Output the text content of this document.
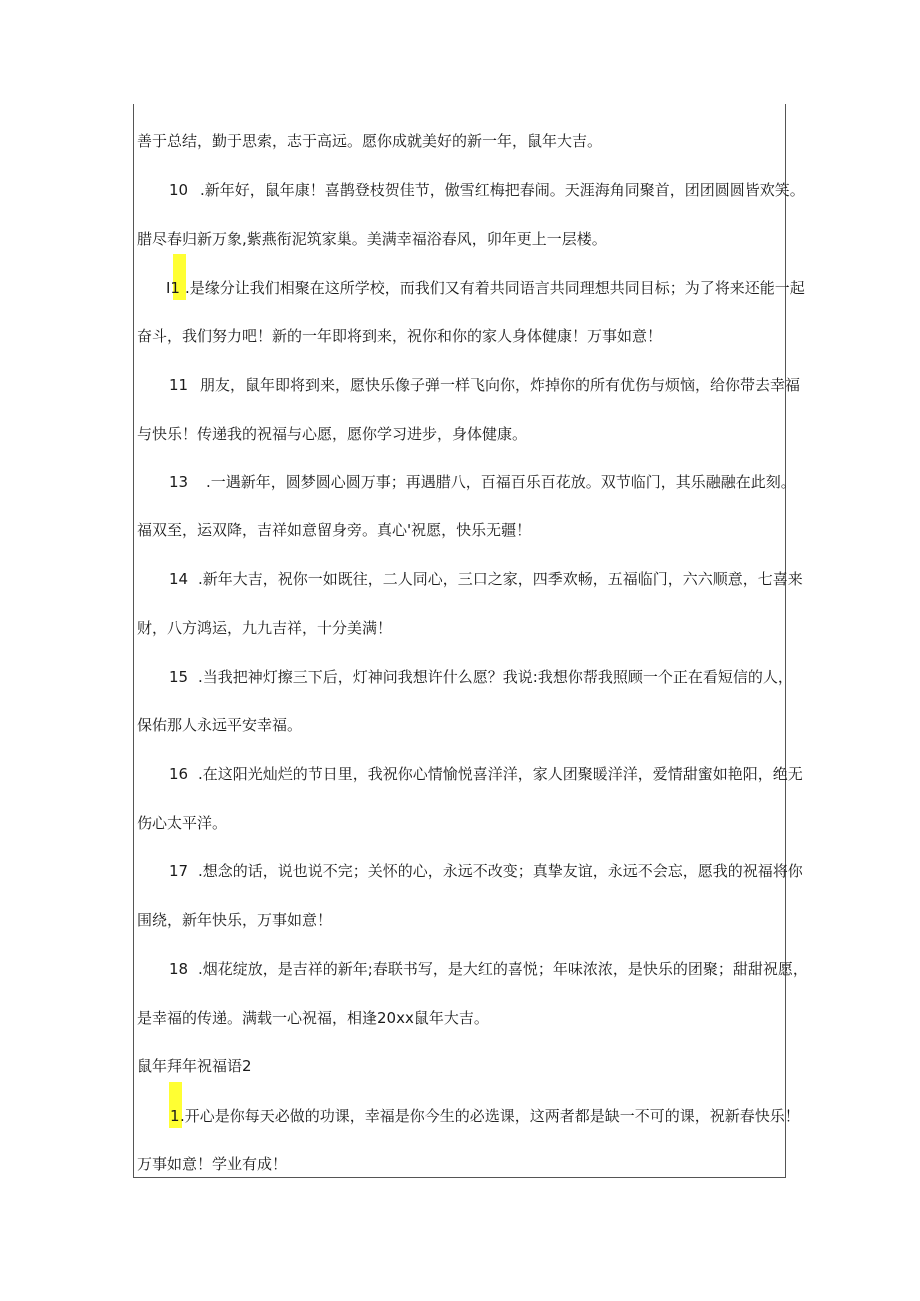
善于总结，勤于思索，志于高远。愿你成就美好的新一年，鼠年大吉。
10 .新年好，鼠年康！喜鹊登枝贺佳节，傲雪红梅把春闹。天涯海角同聚首，团团圆圆皆欢笑。
腊尽春归新万象,紫燕衔泥筑家巢。美满幸福浴春风，卯年更上一层楼。
I1 .是缘分让我们相聚在这所学校，而我们又有着共同语言共同理想共同目标；为了将来还能一起
奋斗，我们努力吧！新的一年即将到来，祝你和你的家人身体健康！万事如意！
11 朋友，鼠年即将到来，愿快乐像子弹一样飞向你，炸掉你的所有优伤与烦恼，给你带去幸福
与快乐！传递我的祝福与心愿，愿你学习进步，身体健康。
13 .一遇新年，圆梦圆心圆万事；再遇腊八，百福百乐百花放。双节临门，其乐融融在此刻。
福双至，运双降，吉祥如意留身旁。真心'祝愿，快乐无疆！
14 .新年大吉，祝你一如既往，二人同心，三口之家，四季欢畅，五福临门，六六顺意，七喜来
财，八方鸿运，九九吉祥，十分美满！
15 .当我把神灯擦三下后，灯神问我想许什么愿？我说:我想你帮我照顾一个正在看短信的人，
保佑那人永远平安幸福。
16 .在这阳光灿烂的节日里，我祝你心情愉悦喜洋洋，家人团聚暖洋洋，爱情甜蜜如艳阳，绝无
伤心太平洋。
17 .想念的话，说也说不完；关怀的心，永远不改变；真挚友谊，永远不会忘，愿我的祝福将你
围绕，新年快乐，万事如意！
18 .烟花绽放，是吉祥的新年;春联书写，是大红的喜悦；年味浓浓，是快乐的团聚；甜甜祝愿，
是幸福的传递。满载一心祝福，相逢20xx鼠年大吉。
鼠年拜年祝福语2
1 .开心是你每天必做的功课，幸福是你今生的必选课，这两者都是缺一不可的课，祝新春快乐！
万事如意！学业有成！
